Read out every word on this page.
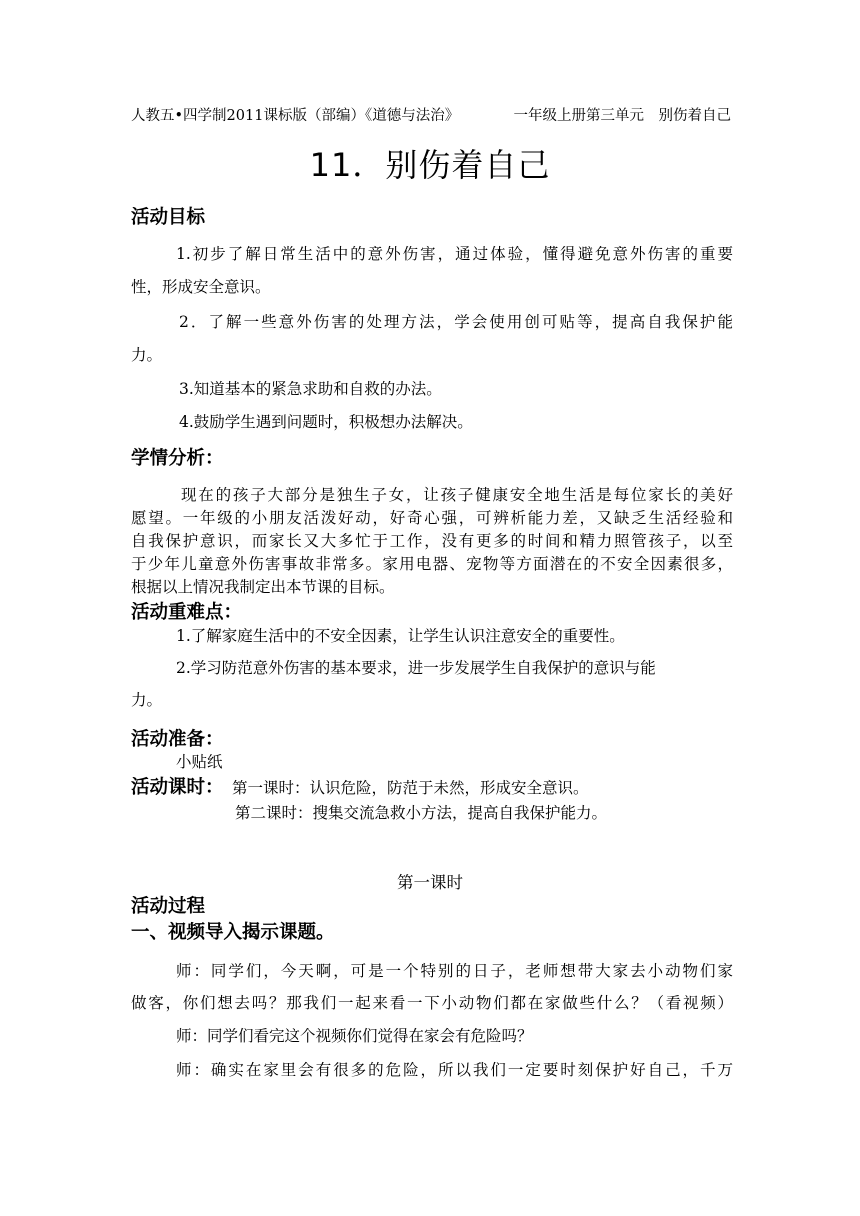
人教五•四学制2011课标版（部编）《道德与法治》	一年级上册第三单元　别伤着自己
11．别伤着自己
活动目标
1.初步了解日常生活中的意外伤害，通过体验，懂得避免意外伤害的重要
性，形成安全意识。
2．了解一些意外伤害的处理方法，学会使用创可贴等，提高自我保护能
力。
3.知道基本的紧急求助和自救的办法。
4.鼓励学生遇到问题时，积极想办法解决。
学情分析：
现在的孩子大部分是独生子女，让孩子健康安全地生活是每位家长的美好
愿望。一年级的小朋友活泼好动，好奇心强，可辨析能力差，又缺乏生活经验和
自我保护意识，而家长又大多忙于工作，没有更多的时间和精力照管孩子，以至
于少年儿童意外伤害事故非常多。家用电器、宠物等方面潜在的不安全因素很多，
根据以上情况我制定出本节课的目标。
活动重难点：
1.了解家庭生活中的不安全因素，让学生认识注意安全的重要性。
2.学习防范意外伤害的基本要求，进一步发展学生自我保护的意识与能
力。
活动准备：
小贴纸
活动课时： 第一课时：认识危险，防范于未然，形成安全意识。
第二课时：搜集交流急救小方法，提高自我保护能力。
第一课时
活动过程
一、视频导入揭示课题。
师：同学们，今天啊，可是一个特别的日子，老师想带大家去小动物们家
做客，你们想去吗？那我们一起来看一下小动物们都在家做些什么？（看视频）
师：同学们看完这个视频你们觉得在家会有危险吗？
师：确实在家里会有很多的危险，所以我们一定要时刻保护好自己，千万
